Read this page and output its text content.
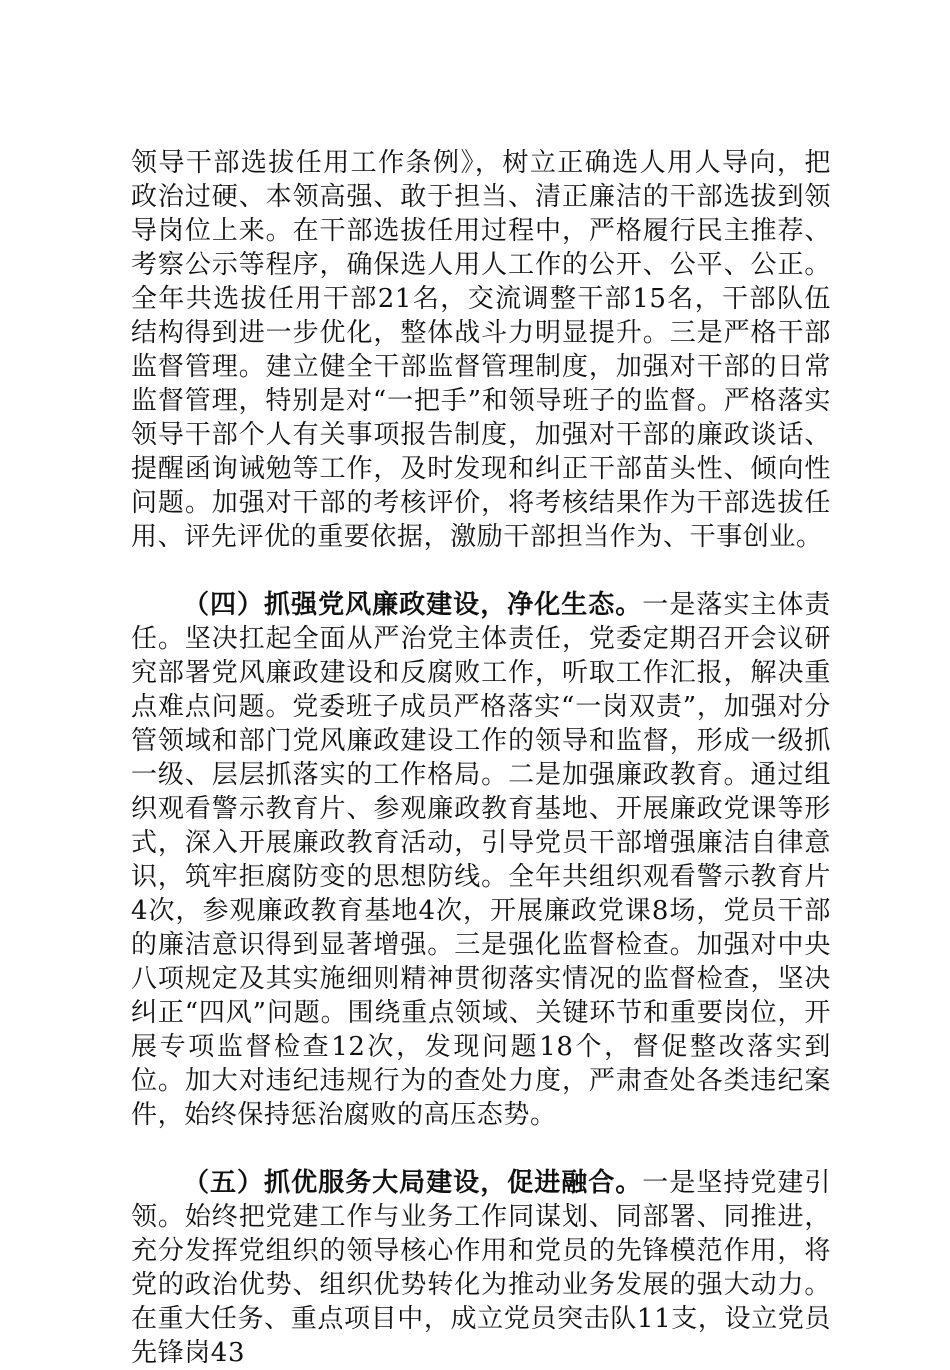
领导干部选拔任用工作条例》，树立正确选人用人导向，把政治过硬、本领高强、敢于担当、清正廉洁的干部选拔到领导岗位上来。在干部选拔任用过程中，严格履行民主推荐、考察公示等程序，确保选人用人工作的公开、公平、公正。全年共选拔任用干部21名，交流调整干部15名，干部队伍结构得到进一步优化，整体战斗力明显提升。三是严格干部监督管理。建立健全干部监督管理制度，加强对干部的日常监督管理，特别是对“一把手”和领导班子的监督。严格落实领导干部个人有关事项报告制度，加强对干部的廉政谈话、提醒函询诫勉等工作，及时发现和纠正干部苗头性、倾向性问题。加强对干部的考核评价，将考核结果作为干部选拔任用、评先评优的重要依据，激励干部担当作为、干事创业。

（四）抓强党风廉政建设，净化生态。一是落实主体责任。坚决扛起全面从严治党主体责任，党委定期召开会议研究部署党风廉政建设和反腐败工作，听取工作汇报，解决重点难点问题。党委班子成员严格落实“一岗双责”，加强对分管领域和部门党风廉政建设工作的领导和监督，形成一级抓一级、层层抓落实的工作格局。二是加强廉政教育。通过组织观看警示教育片、参观廉政教育基地、开展廉政党课等形式，深入开展廉政教育活动，引导党员干部增强廉洁自律意识，筑牢拒腐防变的思想防线。全年共组织观看警示教育片4次，参观廉政教育基地4次，开展廉政党课8场，党员干部的廉洁意识得到显著增强。三是强化监督检查。加强对中央八项规定及其实施细则精神贯彻落实情况的监督检查，坚决纠正“四风”问题。围绕重点领域、关键环节和重要岗位，开展专项监督检查12次，发现问题18个，督促整改落实到位。加大对违纪违规行为的查处力度，严肃查处各类违纪案件，始终保持惩治腐败的高压态势。

（五）抓优服务大局建设，促进融合。一是坚持党建引领。始终把党建工作与业务工作同谋划、同部署、同推进，充分发挥党组织的领导核心作用和党员的先锋模范作用，将党的政治优势、组织优势转化为推动业务发展的强大动力。在重大任务、重点项目中，成立党员突击队11支，设立党员先锋岗43
